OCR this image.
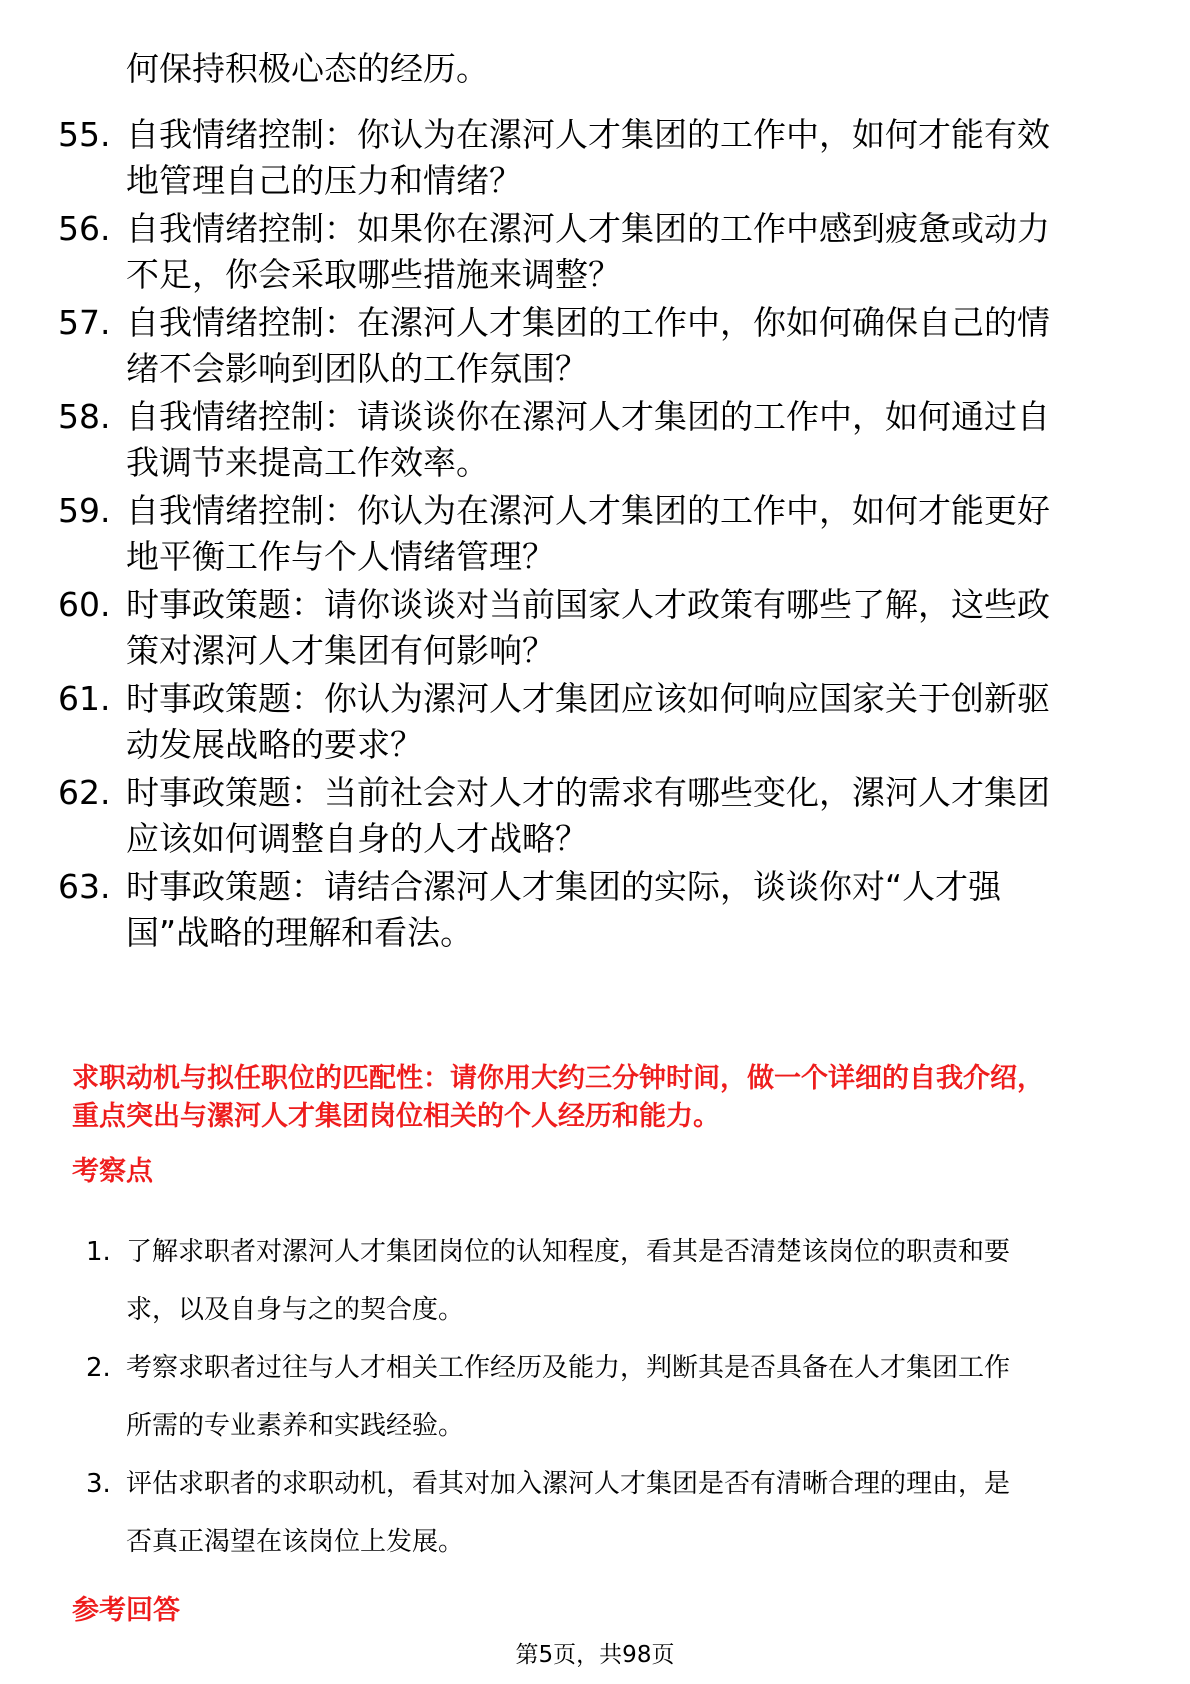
何保持积极心态的经历。
55. 自我情绪控制：你认为在漯河人才集团的工作中，如何才能有效
地管理自己的压力和情绪？
56. 自我情绪控制：如果你在漯河人才集团的工作中感到疲惫或动力
不足，你会采取哪些措施来调整？
57. 自我情绪控制：在漯河人才集团的工作中，你如何确保自己的情
绪不会影响到团队的工作氛围？
58. 自我情绪控制：请谈谈你在漯河人才集团的工作中，如何通过自
我调节来提高工作效率。
59. 自我情绪控制：你认为在漯河人才集团的工作中，如何才能更好
地平衡工作与个人情绪管理？
60. 时事政策题：请你谈谈对当前国家人才政策有哪些了解，这些政
策对漯河人才集团有何影响？
61. 时事政策题：你认为漯河人才集团应该如何响应国家关于创新驱
动发展战略的要求？
62. 时事政策题：当前社会对人才的需求有哪些变化，漯河人才集团
应该如何调整自身的人才战略？
63. 时事政策题：请结合漯河人才集团的实际，谈谈你对“人才强
国”战略的理解和看法。
求职动机与拟任职位的匹配性：请你用大约三分钟时间，做一个详细的自我介绍，
重点突出与漯河人才集团岗位相关的个人经历和能力。
考察点
1. 了解求职者对漯河人才集团岗位的认知程度，看其是否清楚该岗位的职责和要
求，以及自身与之的契合度。
2. 考察求职者过往与人才相关工作经历及能力，判断其是否具备在人才集团工作
所需的专业素养和实践经验。
3. 评估求职者的求职动机，看其对加入漯河人才集团是否有清晰合理的理由，是
否真正渴望在该岗位上发展。
参考回答
第5页，共98页
